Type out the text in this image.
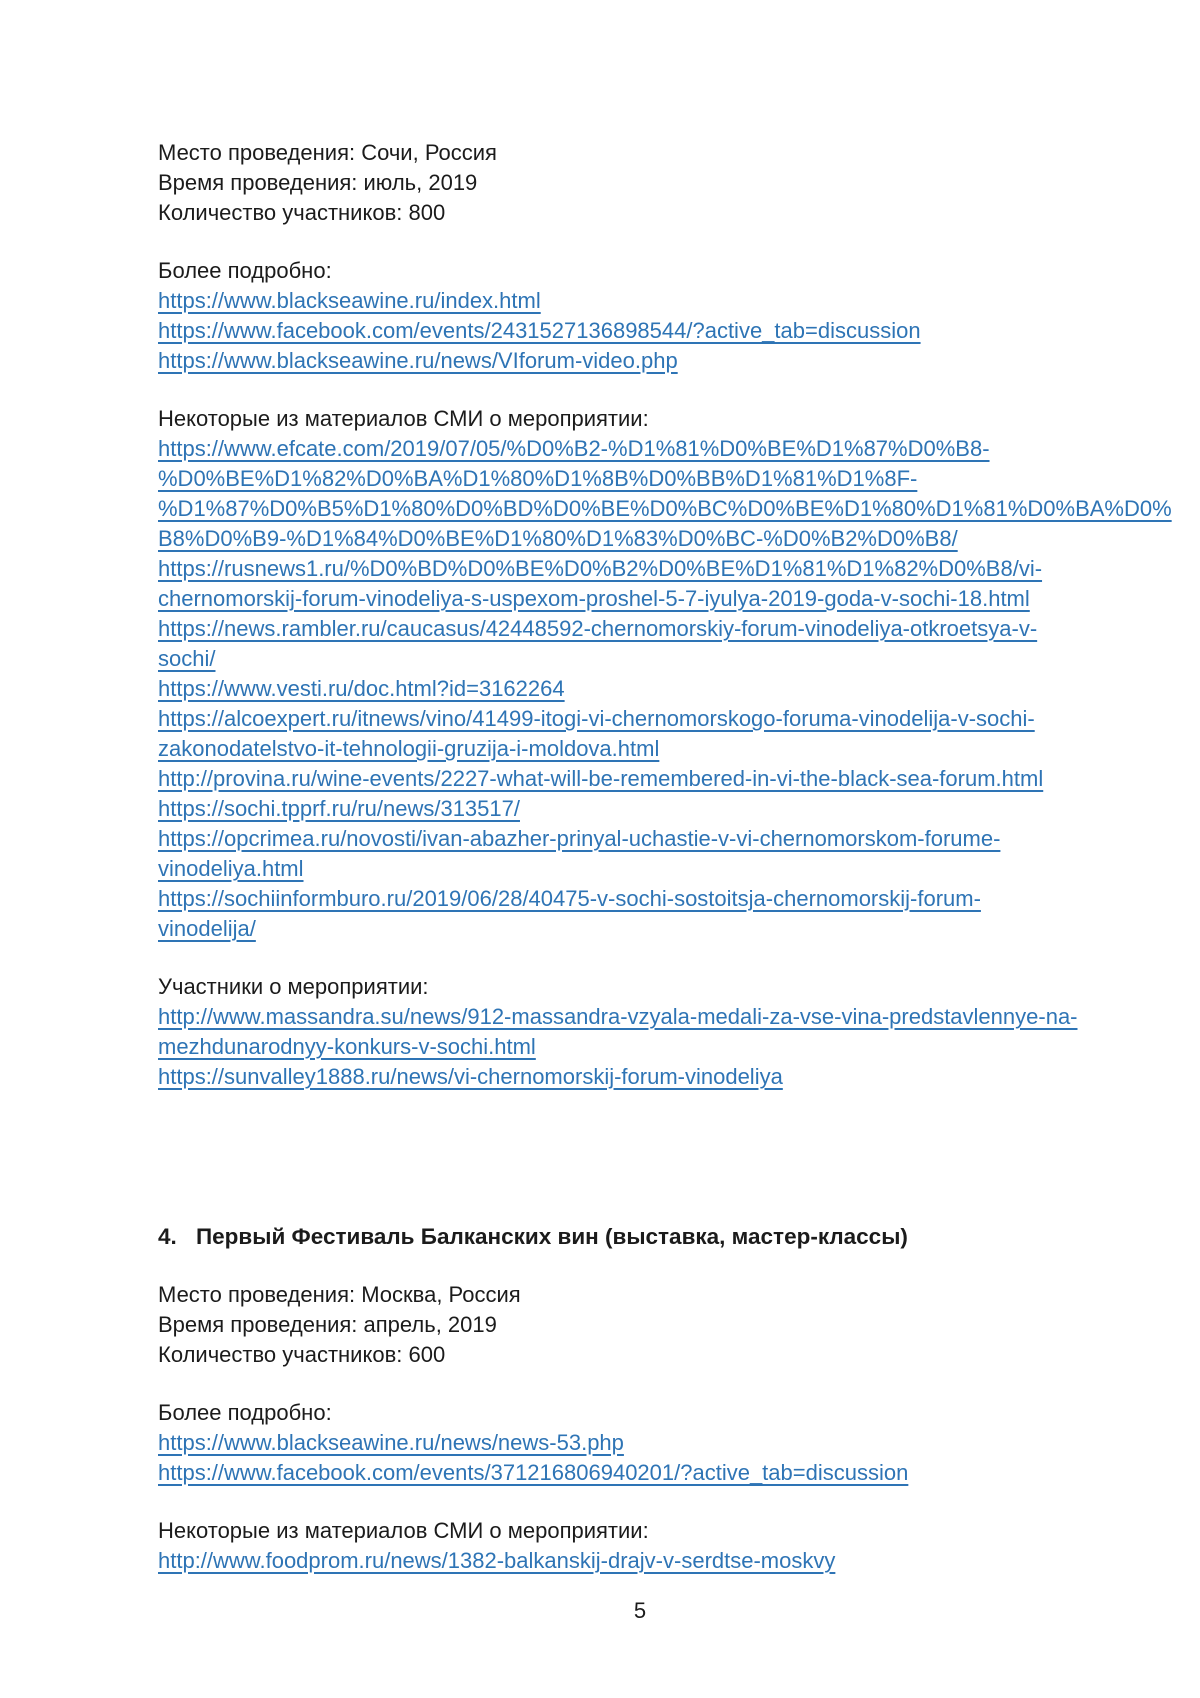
Место проведения: Сочи, Россия
Время проведения: июль, 2019
Количество участников: 800
Более подробно:
https://www.blackseawine.ru/index.html
https://www.facebook.com/events/2431527136898544/?active_tab=discussion
https://www.blackseawine.ru/news/VIforum-video.php
Некоторые из материалов СМИ о мероприятии:
https://www.efcate.com/2019/07/05/%D0%B2-%D1%81%D0%BE%D1%87%D0%B8-
%D0%BE%D1%82%D0%BA%D1%80%D1%8B%D0%BB%D1%81%D1%8F-
%D1%87%D0%B5%D1%80%D0%BD%D0%BE%D0%BC%D0%BE%D1%80%D1%81%D0%BA%D0%
B8%D0%B9-%D1%84%D0%BE%D1%80%D1%83%D0%BC-%D0%B2%D0%B8/
https://rusnews1.ru/%D0%BD%D0%BE%D0%B2%D0%BE%D1%81%D1%82%D0%B8/vi-
chernomorskij-forum-vinodeliya-s-uspexom-proshel-5-7-iyulya-2019-goda-v-sochi-18.html
https://news.rambler.ru/caucasus/42448592-chernomorskiy-forum-vinodeliya-otkroetsya-v-
sochi/
https://www.vesti.ru/doc.html?id=3162264
https://alcoexpert.ru/itnews/vino/41499-itogi-vi-chernomorskogo-foruma-vinodelija-v-sochi-
zakonodatelstvo-it-tehnologii-gruzija-i-moldova.html
http://provina.ru/wine-events/2227-what-will-be-remembered-in-vi-the-black-sea-forum.html
https://sochi.tpprf.ru/ru/news/313517/
https://opcrimea.ru/novosti/ivan-abazher-prinyal-uchastie-v-vi-chernomorskom-forume-
vinodeliya.html
https://sochiinformburo.ru/2019/06/28/40475-v-sochi-sostoitsja-chernomorskij-forum-
vinodelija/
Участники о мероприятии:
http://www.massandra.su/news/912-massandra-vzyala-medali-za-vse-vina-predstavlennye-na-
mezhdunarodnyy-konkurs-v-sochi.html
https://sunvalley1888.ru/news/vi-chernomorskij-forum-vinodeliya
4. Первый Фестиваль Балканских вин (выставка, мастер-классы)
Место проведения: Москва, Россия
Время проведения: апрель, 2019
Количество участников: 600
Более подробно:
https://www.blackseawine.ru/news/news-53.php
https://www.facebook.com/events/371216806940201/?active_tab=discussion
Некоторые из материалов СМИ о мероприятии:
http://www.foodprom.ru/news/1382-balkanskij-drajv-v-serdtse-moskvy
5
